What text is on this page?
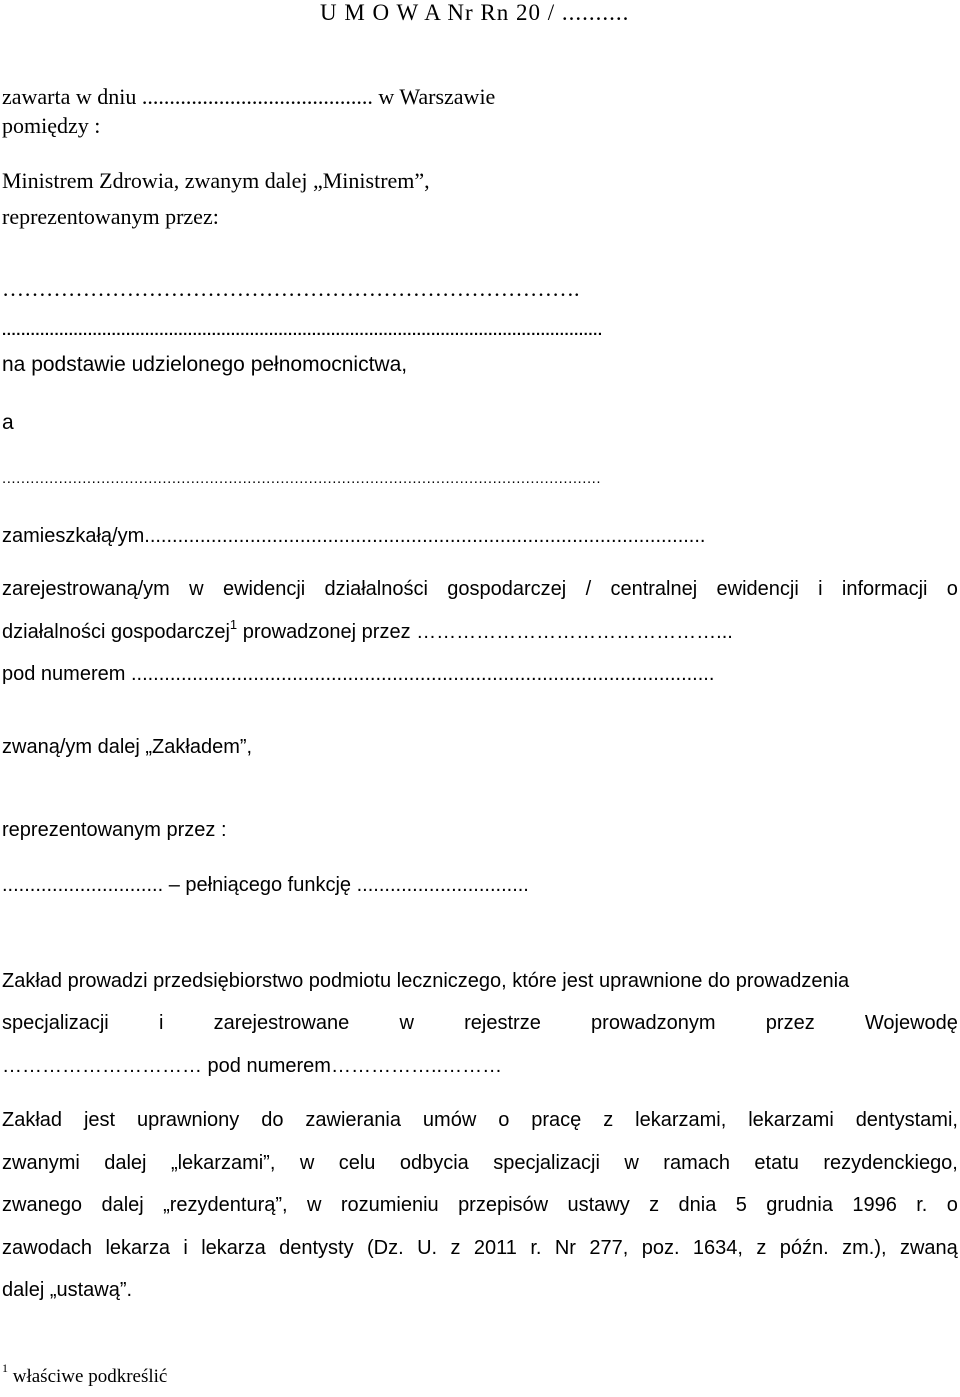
U M O W A Nr Rn 20 / ..........
zawarta w dniu .......................................... w Warszawie
pomiędzy :
Ministrem Zdrowia, zwanym dalej „Ministrem”,
reprezentowanym przez:
…………………………………………………………………….
..............................................................................................................................
na podstawie udzielonego pełnomocnictwa,
a
...............................................................................................................................
zamieszkałą/ym.....................................................................................................
zarejestrowaną/ym w ewidencji działalności gospodarczej / centralnej ewidencji i informacji o
działalności gospodarczej$^1$ prowadzonej przez ………………………………………...
pod numerem .........................................................................................................
zwaną/ym dalej „Zakładem”,
reprezentowanym przez :
............................. – pełniącego funkcję ...............................
Zakład prowadzi przedsiębiorstwo podmiotu leczniczego, które jest uprawnione do prowadzenia
specjalizacji	i	zarejestrowane	w	rejestrze	prowadzonym	przez	Wojewodę
………………………… pod numerem……………..………
Zakład jest uprawniony do zawierania umów o pracę z lekarzami, lekarzami dentystami,
zwanymi dalej „lekarzami”, w celu odbycia specjalizacji w ramach etatu rezydenckiego,
zwanego dalej „rezydenturą”, w rozumieniu przepisów ustawy z dnia 5 grudnia 1996 r. o
zawodach lekarza i lekarza dentysty (Dz. U. z 2011 r. Nr 277, poz. 1634, z późn. zm.), zwaną
dalej „ustawą”.
$^1$ właściwe podkreślić
